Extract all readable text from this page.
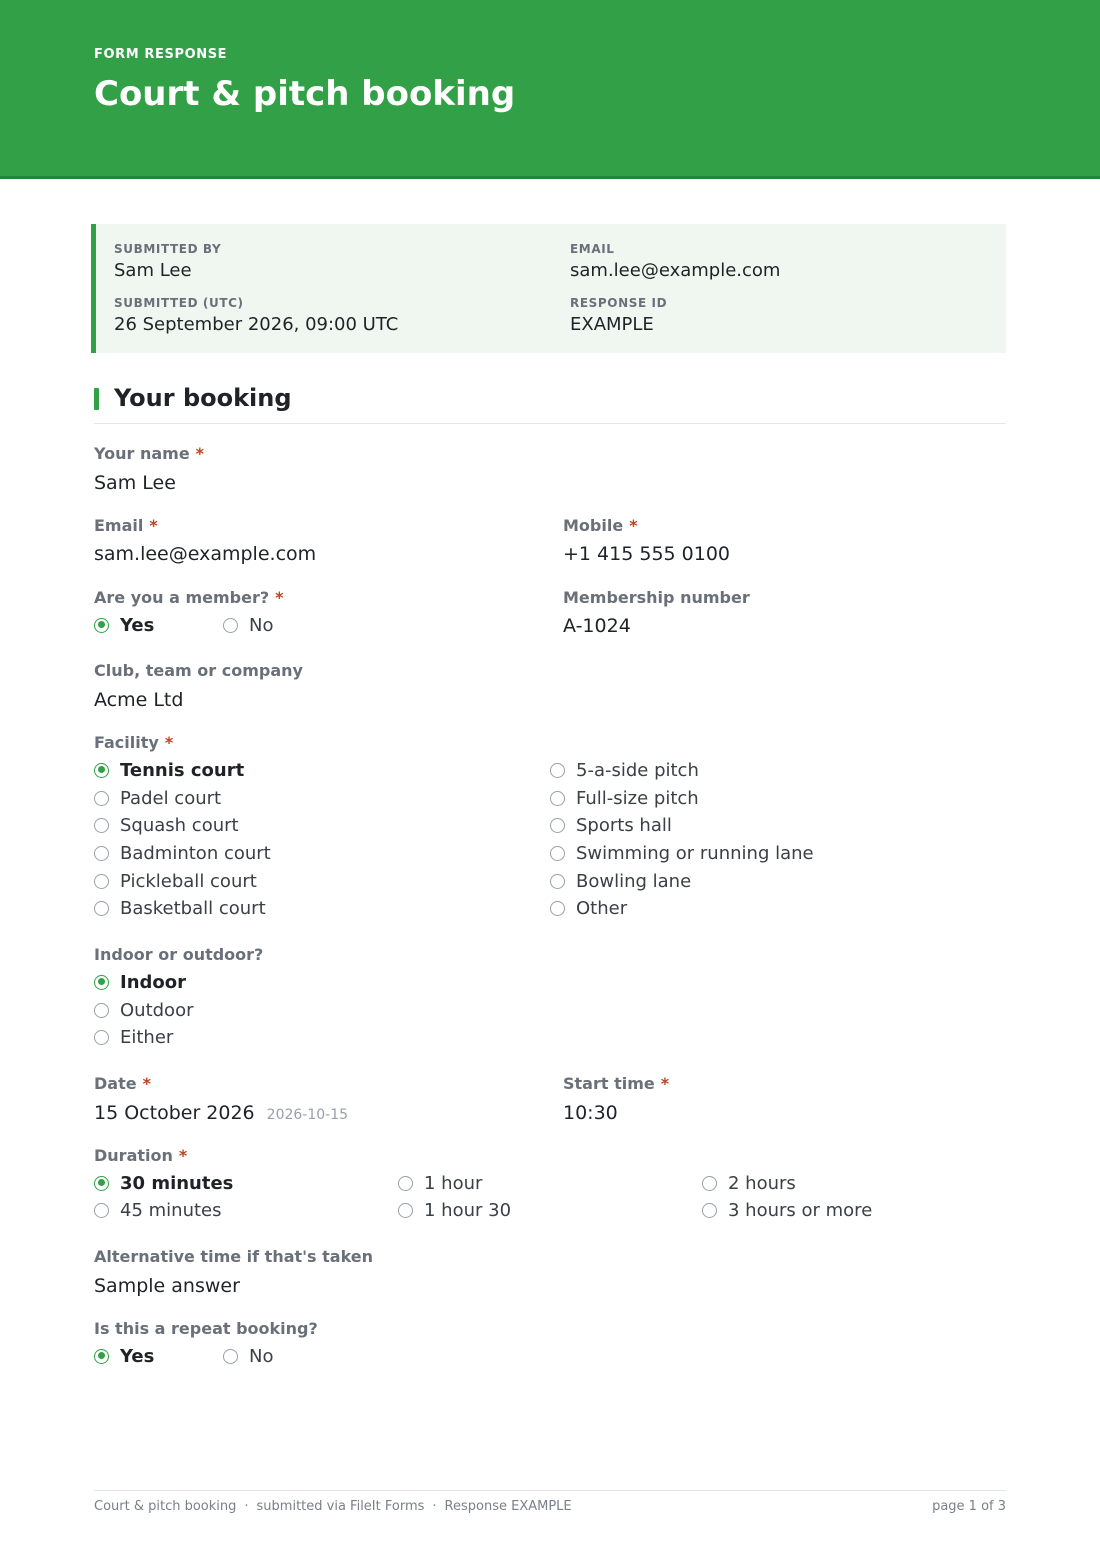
FORM RESPONSE
Court & pitch booking
SUBMITTED BY
Sam Lee
EMAIL
sam.lee@example.com
SUBMITTED (UTC)
26 September 2026, 09:00 UTC
RESPONSE ID
EXAMPLE
Your booking
Your name *
Sam Lee
Email *
sam.lee@example.com
Mobile *
+1 415 555 0100
Are you a member? *
Yes	No
Membership number
A-1024
Club, team or company
Acme Ltd
Facility *
Tennis court
Padel court
Squash court
Badminton court
Pickleball court
Basketball court
5-a-side pitch
Full-size pitch
Sports hall
Swimming or running lane
Bowling lane
Other
Indoor or outdoor?
Indoor
Outdoor
Either
Date *
15 October 2026 2026-10-15
Start time *
10:30
Duration *
30 minutes
45 minutes
1 hour
1 hour 30
2 hours
3 hours or more
Alternative time if that's taken
Sample answer
Is this a repeat booking?
Yes	No
Court & pitch booking · submitted via FileIt Forms · Response EXAMPLE	page 1 of 3
